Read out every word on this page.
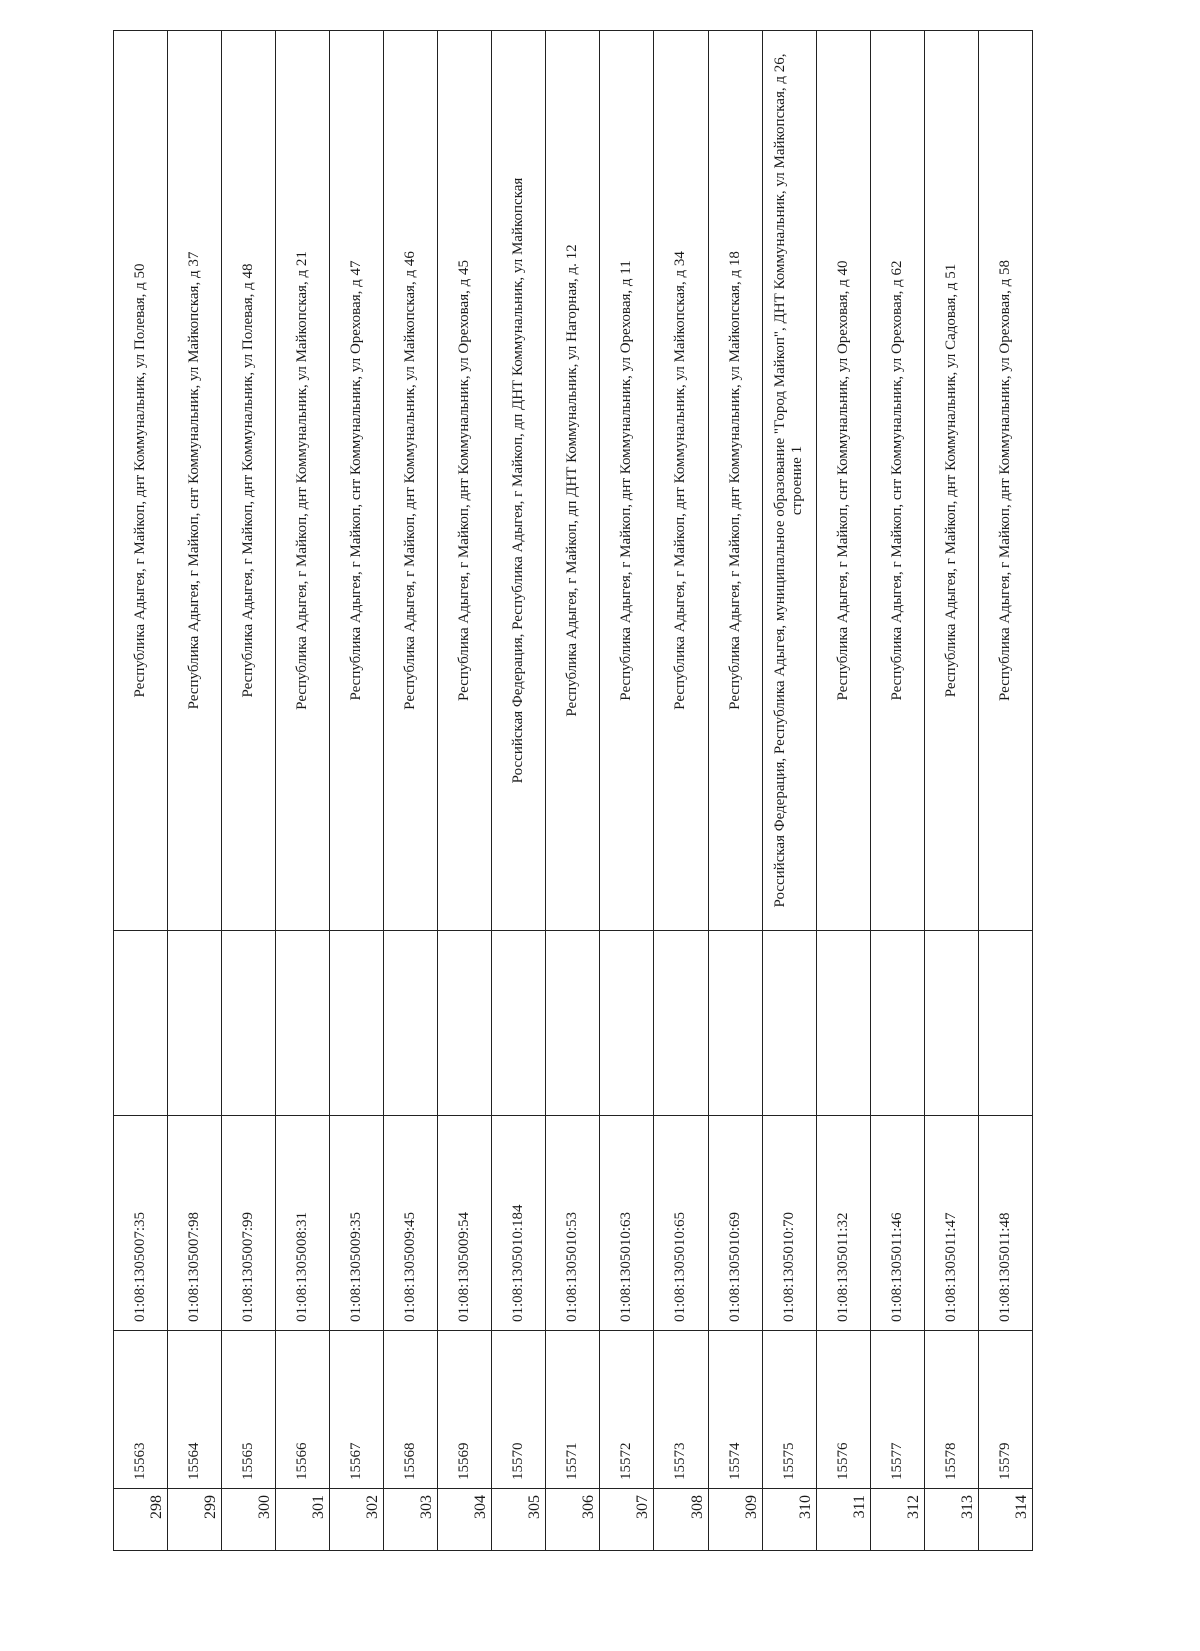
298	15563	01:08:1305007:35		Республика Адыгея, г Майкоп, днт Коммунальник, ул Полевая, д 50
299	15564	01:08:1305007:98		Республика Адыгея, г Майкоп, снт Коммунальник, ул Майкопская, д 37
300	15565	01:08:1305007:99		Республика Адыгея, г Майкоп, днт Коммунальник, ул Полевая, д 48
301	15566	01:08:1305008:31		Республика Адыгея, г Майкоп, днт Коммунальник, ул Майкопская, д 21
302	15567	01:08:1305009:35		Республика Адыгея, г Майкоп, снт Коммунальник, ул Ореховая, д 47
303	15568	01:08:1305009:45		Республика Адыгея, г Майкоп, днт Коммунальник, ул Майкопская, д 46
304	15569	01:08:1305009:54		Республика Адыгея, г Майкоп, днт Коммунальник, ул Ореховая, д 45
305	15570	01:08:1305010:184		Российская Федерация, Республика Адыгея, г Майкоп, дп ДНТ Коммунальник, ул Майкопская
306	15571	01:08:1305010:53		Республика Адыгея, г Майкоп, дп ДНТ Коммунальник, ул Нагорная, д. 12
307	15572	01:08:1305010:63		Республика Адыгея, г Майкоп, днт Коммунальник, ул Ореховая, д 11
308	15573	01:08:1305010:65		Республика Адыгея, г Майкоп, днт Коммунальник, ул Майкопская, д 34
309	15574	01:08:1305010:69		Республика Адыгея, г Майкоп, днт Коммунальник, ул Майкопская, д 18
310	15575	01:08:1305010:70		Российская Федерация, Республика Адыгея, муниципальное образование "Город Майкоп", ДНТ Коммунальник, ул Майкопская, д 26, строение 1
311	15576	01:08:1305011:32		Республика Адыгея, г Майкоп, снт Коммунальник, ул Ореховая, д 40
312	15577	01:08:1305011:46		Республика Адыгея, г Майкоп, снт Коммунальник, ул Ореховая, д 62
313	15578	01:08:1305011:47		Республика Адыгея, г Майкоп, днт Коммунальник, ул Садовая, д 51
314	15579	01:08:1305011:48		Республика Адыгея, г Майкоп, днт Коммунальник, ул Ореховая, д 58
